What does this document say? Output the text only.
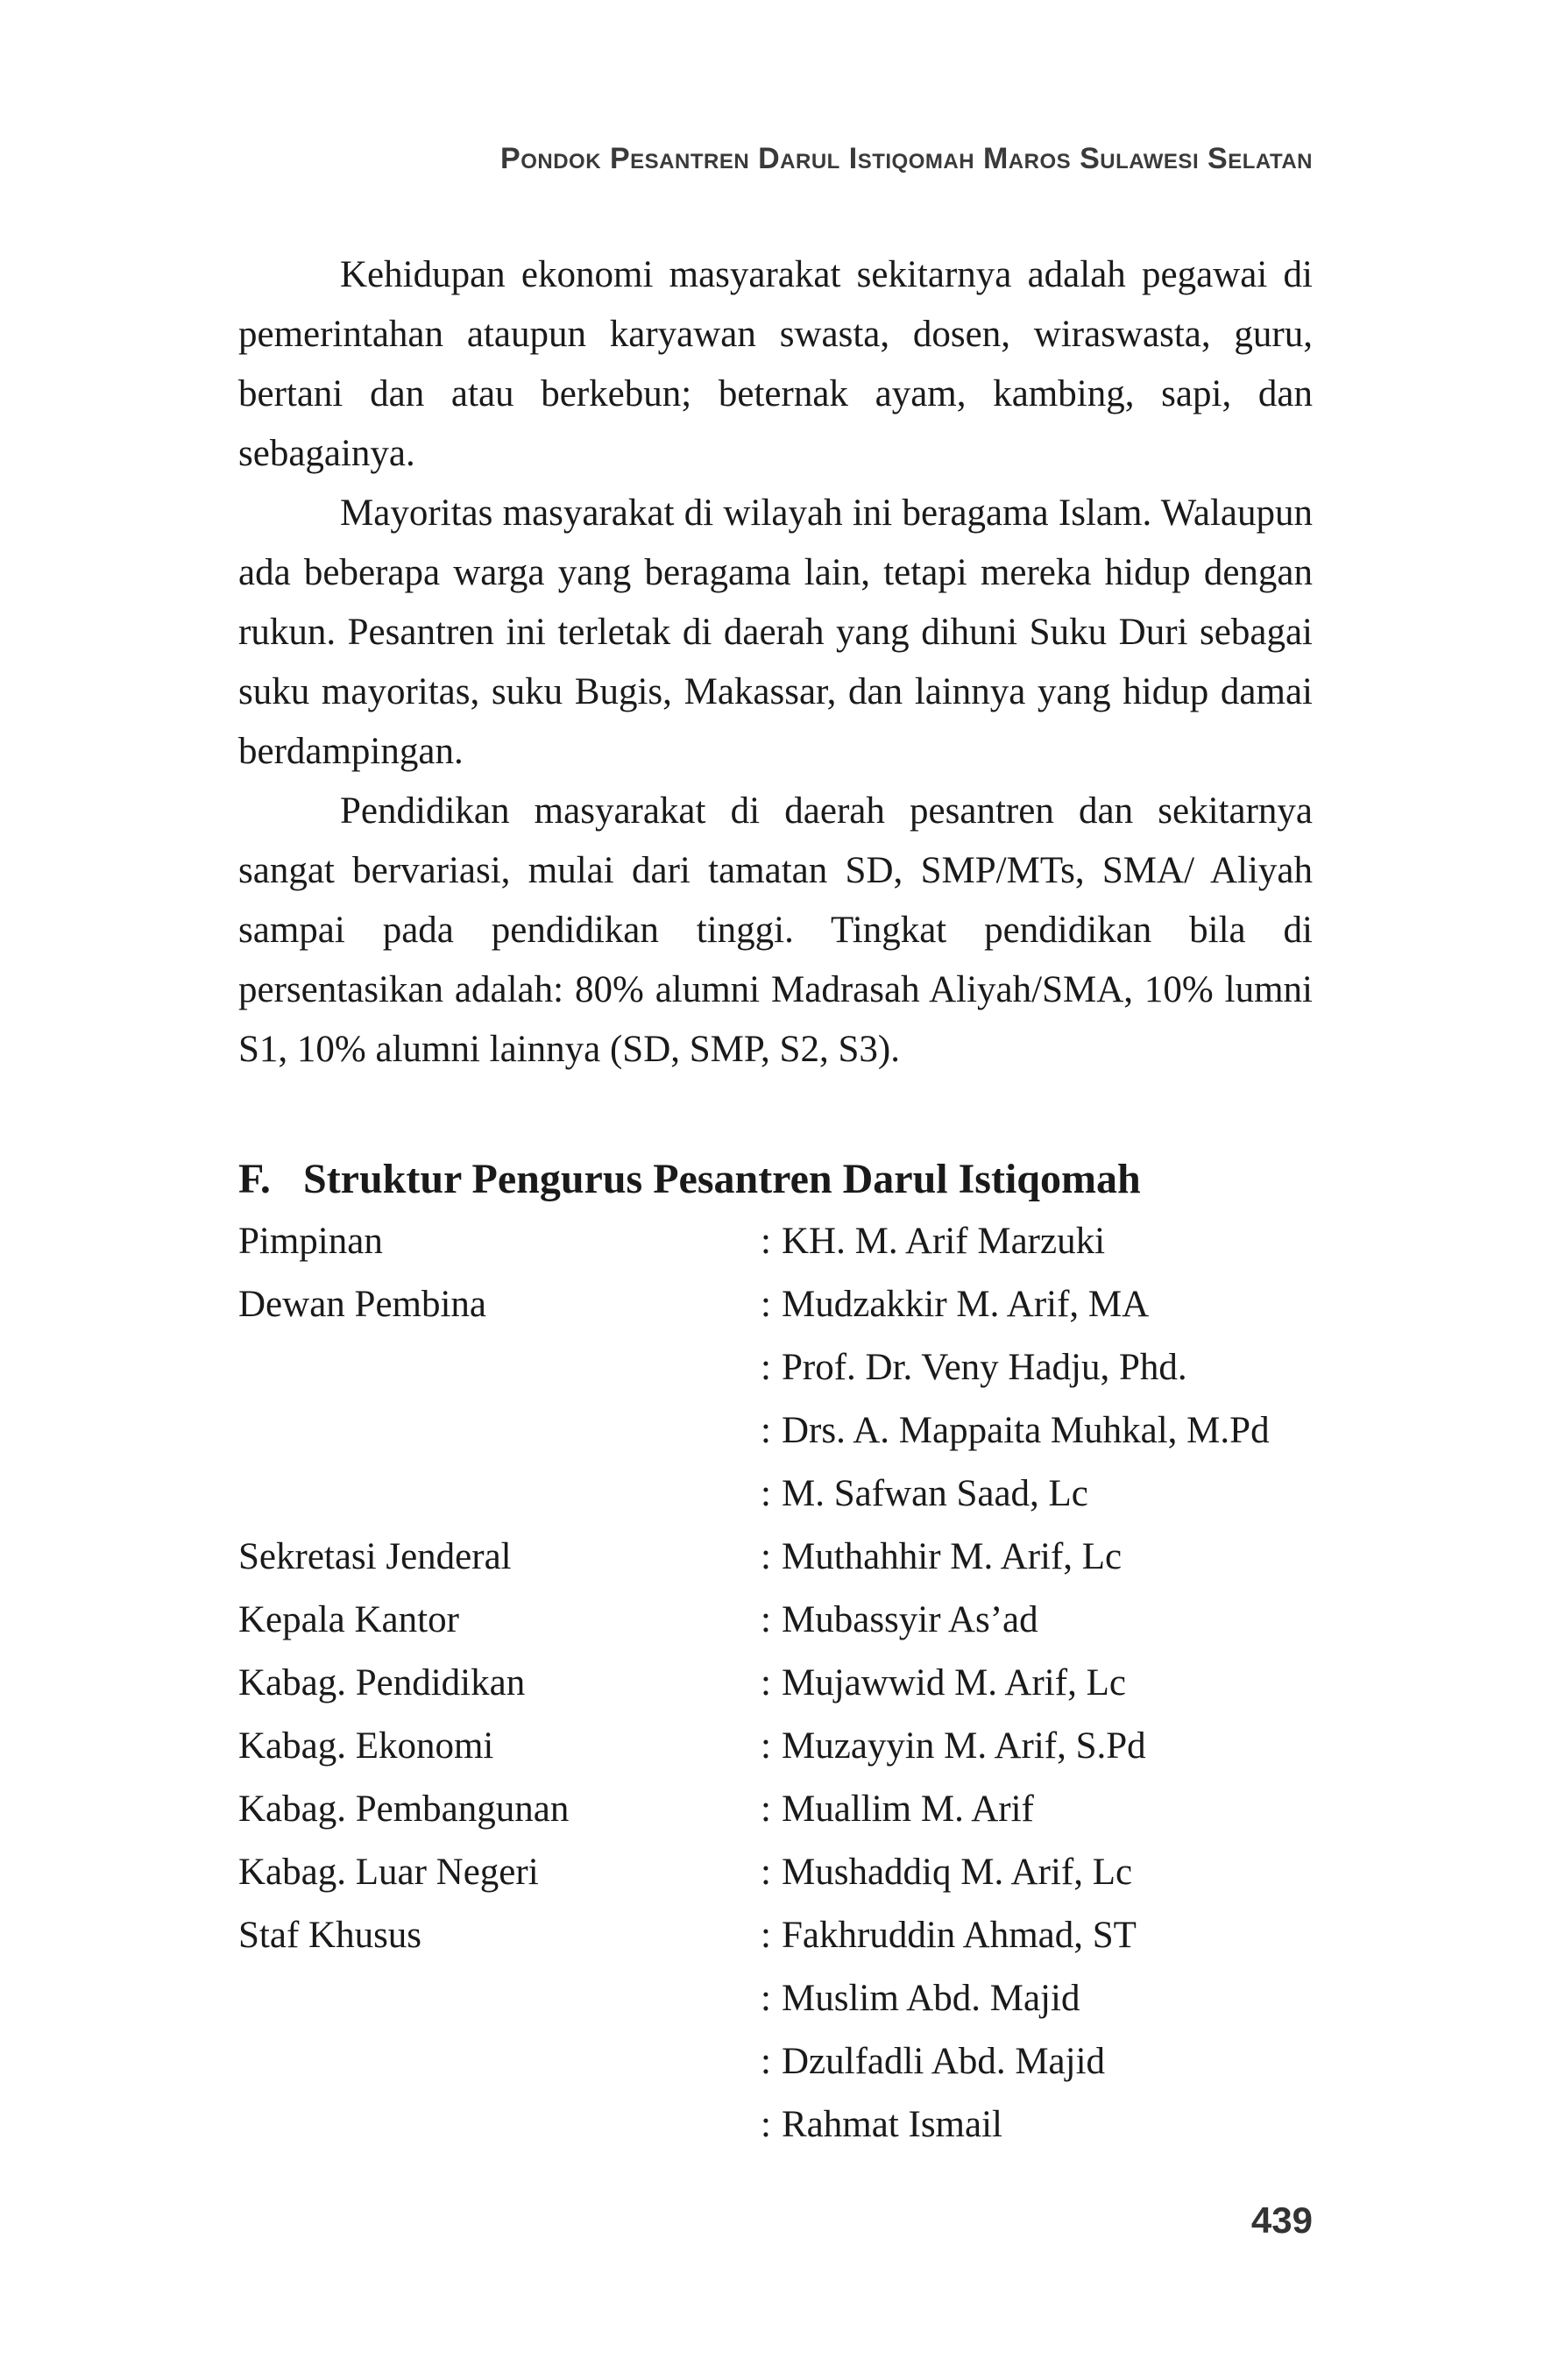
Pondok Pesantren Darul Istiqomah Maros Sulawesi Selatan

Kehidupan ekonomi masyarakat sekitarnya adalah pegawai di pemerintahan ataupun karyawan swasta, dosen, wiraswasta, guru, bertani dan atau berkebun; beternak ayam, kambing, sapi, dan sebagainya.

Mayoritas masyarakat di wilayah ini beragama Islam. Walaupun ada beberapa warga yang beragama lain, tetapi mereka hidup dengan rukun. Pesantren ini terletak di daerah yang dihuni Suku Duri sebagai suku mayoritas, suku Bugis, Makassar, dan lainnya yang hidup damai berdampingan.

Pendidikan masyarakat di daerah pesantren dan sekitarnya sangat bervariasi, mulai dari tamatan SD, SMP/MTs, SMA/ Aliyah sampai pada pendidikan tinggi. Tingkat pendidikan bila di persentasikan adalah: 80% alumni Madrasah Aliyah/SMA, 10% lumni S1, 10% alumni lainnya (SD, SMP, S2, S3).

F. Struktur Pengurus Pesantren Darul Istiqomah
Pimpinan	: KH. M. Arif Marzuki
Dewan Pembina	: Mudzakkir M. Arif, MA
: Prof. Dr. Veny Hadju, Phd.
: Drs. A. Mappaita Muhkal, M.Pd
: M. Safwan Saad, Lc
Sekretasi Jenderal	: Muthahhir M. Arif, Lc
Kepala Kantor	: Mubassyir As’ad
Kabag. Pendidikan	: Mujawwid M. Arif, Lc
Kabag. Ekonomi	: Muzayyin M. Arif, S.Pd
Kabag. Pembangunan	: Muallim M. Arif
Kabag. Luar Negeri	: Mushaddiq M. Arif, Lc
Staf Khusus	: Fakhruddin Ahmad, ST
: Muslim Abd. Majid
: Dzulfadli Abd. Majid
: Rahmat Ismail
439
